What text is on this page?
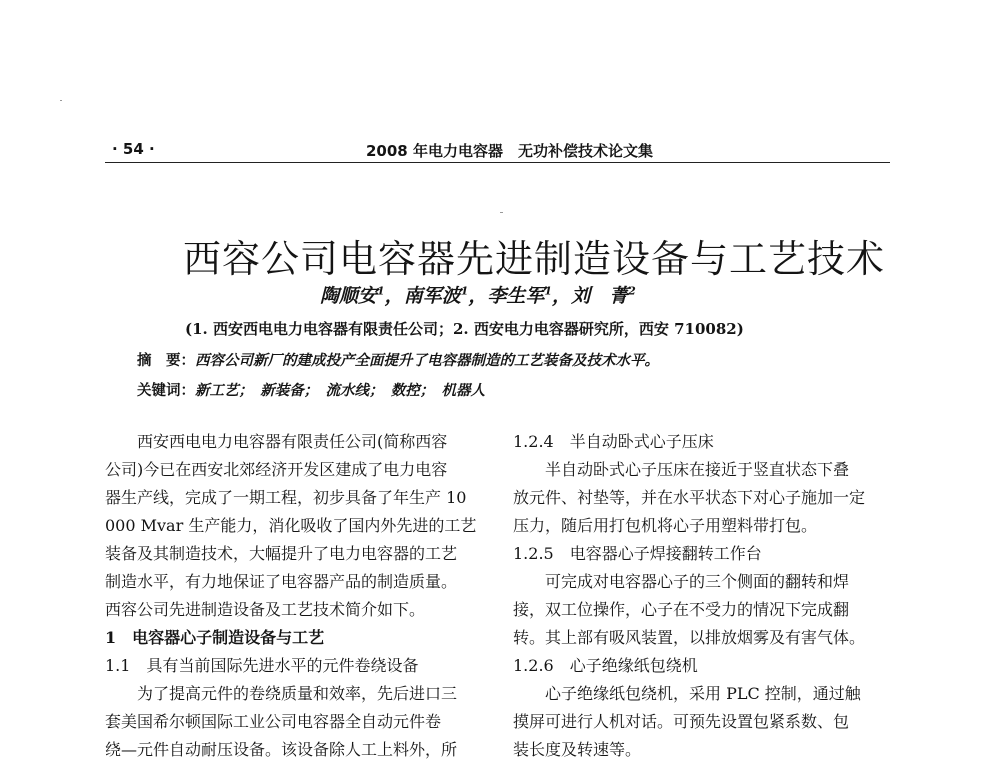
· 54 ·	2008 年电力电容器　无功补偿技术论文集
西容公司电容器先进制造设备与工艺技术
陶顺安$^1$，南军波$^1$，李生军$^1$，刘　菁$^2$
(1. 西安西电电力电容器有限责任公司；2. 西安电力电容器研究所，西安 710082)
摘　要：西容公司新厂的建成投产全面提升了电容器制造的工艺装备及技术水平。
关键词：新工艺；　新装备；　流水线；　数控；　机器人
　　西安西电电力电容器有限责任公司(简称西容
公司)今已在西安北郊经济开发区建成了电力电容
器生产线，完成了一期工程，初步具备了年生产 10
000 Mvar 生产能力，消化吸收了国内外先进的工艺
装备及其制造技术，大幅提升了电力电容器的工艺
制造水平，有力地保证了电容器产品的制造质量。
西容公司先进制造设备及工艺技术简介如下。
1　电容器心子制造设备与工艺
1.1　具有当前国际先进水平的元件卷绕设备
　　为了提高元件的卷绕质量和效率，先后进口三
套美国希尔顿国际工业公司电容器全自动元件卷
绕—元件自动耐压设备。该设备除人工上料外，所
1.2.4　半自动卧式心子压床
　　半自动卧式心子压床在接近于竖直状态下叠
放元件、衬垫等，并在水平状态下对心子施加一定
压力，随后用打包机将心子用塑料带打包。
1.2.5　电容器心子焊接翻转工作台
　　可完成对电容器心子的三个侧面的翻转和焊
接，双工位操作，心子在不受力的情况下完成翻
转。其上部有吸风装置，以排放烟雾及有害气体。
1.2.6　心子绝缘纸包绕机
　　心子绝缘纸包绕机，采用 PLC 控制，通过触
摸屏可进行人机对话。可预先设置包紧系数、包
装长度及转速等。
